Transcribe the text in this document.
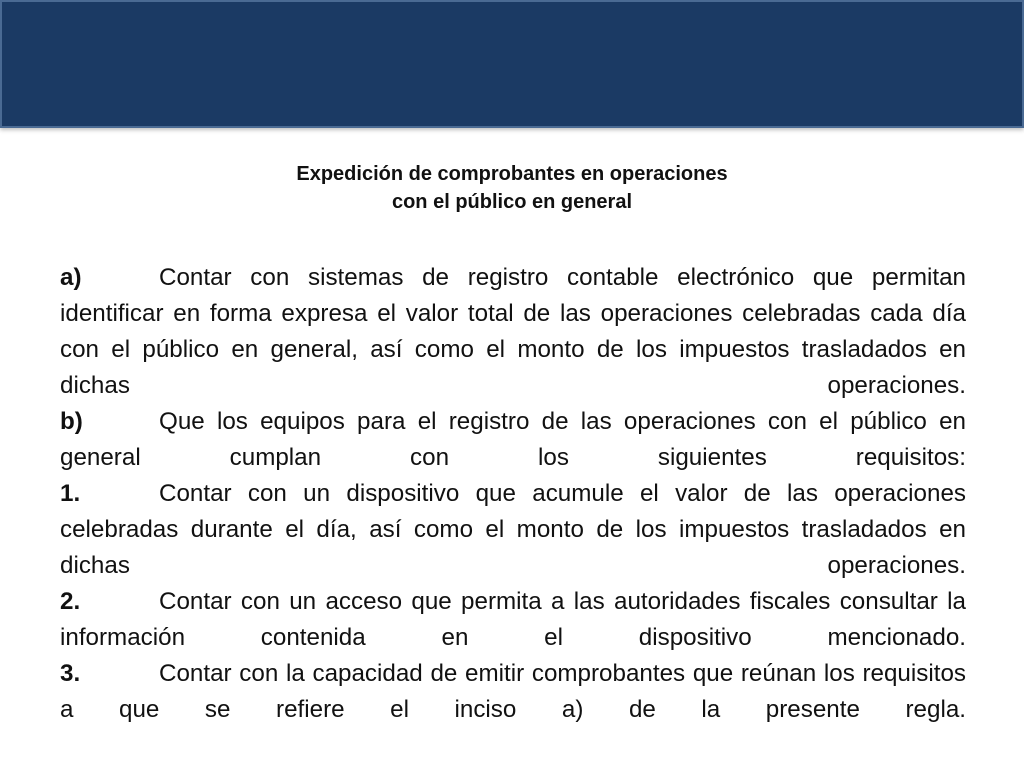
Expedición de comprobantes en operaciones
con el público en general
a)	Contar con sistemas de registro contable electrónico que permitan identificar en forma expresa el valor total de las operaciones celebradas cada día con el público en general, así como el monto de los impuestos trasladados en dichas operaciones.
b)	Que los equipos para el registro de las operaciones con el público en general cumplan con los siguientes requisitos:
1.	Contar con un dispositivo que acumule el valor de las operaciones celebradas durante el día, así como el monto de los impuestos trasladados en dichas operaciones.
2.	Contar con un acceso que permita a las autoridades fiscales consultar la información contenida en el dispositivo mencionado.
3.	Contar con la capacidad de emitir comprobantes que reúnan los requisitos a que se refiere el inciso a) de la presente regla.
